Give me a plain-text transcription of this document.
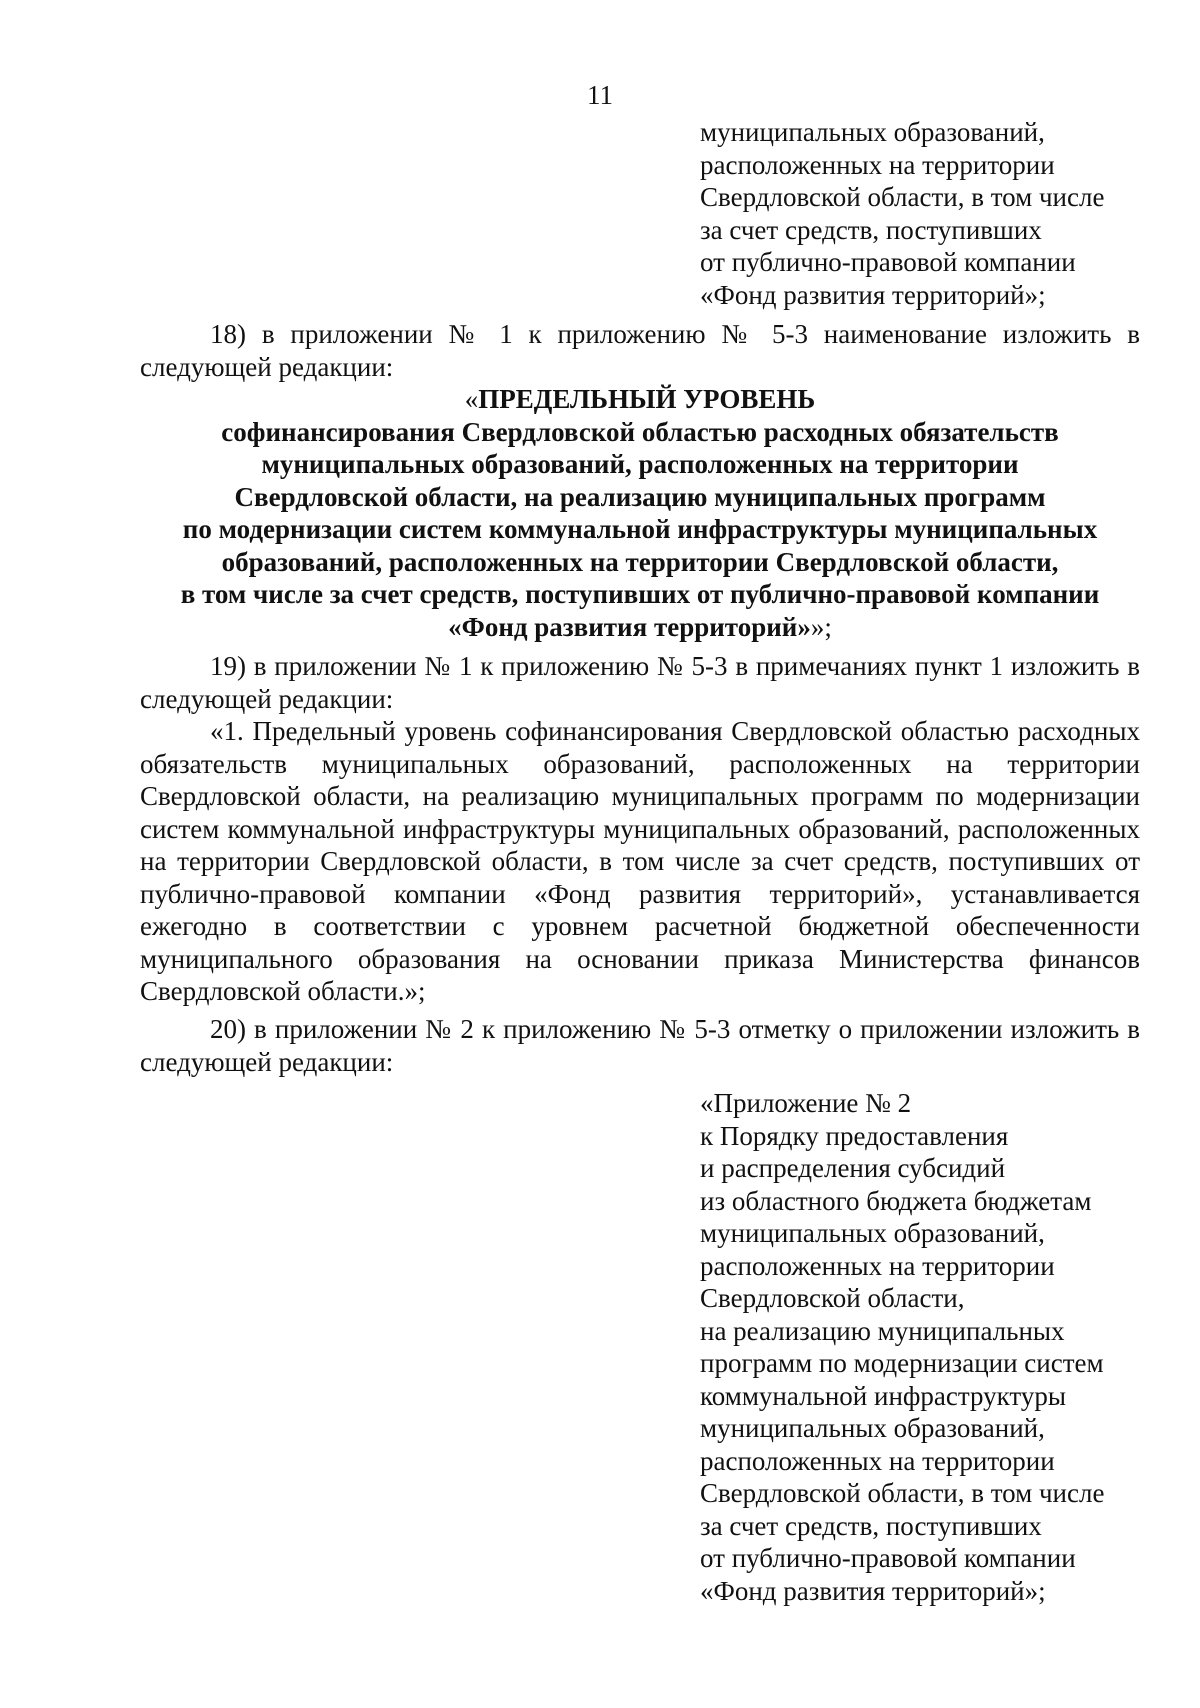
11
муниципальных образований,
расположенных на территории
Свердловской области, в том числе
за счет средств, поступивших
от публично-правовой компании
«Фонд развития территорий»;
18) в приложении № 1 к приложению № 5-3 наименование изложить в следующей редакции:
«ПРЕДЕЛЬНЫЙ УРОВЕНЬ
софинансирования Свердловской областью расходных обязательств
муниципальных образований, расположенных на территории
Свердловской области, на реализацию муниципальных программ
по модернизации систем коммунальной инфраструктуры муниципальных
образований, расположенных на территории Свердловской области,
в том числе за счет средств, поступивших от публично-правовой компании
«Фонд развития территорий»»;
19) в приложении № 1 к приложению № 5-3 в примечаниях пункт 1 изложить в следующей редакции:
«1. Предельный уровень софинансирования Свердловской областью расходных обязательств муниципальных образований, расположенных на территории Свердловской области, на реализацию муниципальных программ по модернизации систем коммунальной инфраструктуры муниципальных образований, расположенных на территории Свердловской области, в том числе за счет средств, поступивших от публично-правовой компании «Фонд развития территорий», устанавливается ежегодно в соответствии с уровнем расчетной бюджетной обеспеченности муниципального образования на основании приказа Министерства финансов Свердловской области.»;
20) в приложении № 2 к приложению № 5-3 отметку о приложении изложить в следующей редакции:
«Приложение № 2
к Порядку предоставления
и распределения субсидий
из областного бюджета бюджетам
муниципальных образований,
расположенных на территории
Свердловской области,
на реализацию муниципальных
программ по модернизации систем
коммунальной инфраструктуры
муниципальных образований,
расположенных на территории
Свердловской области, в том числе
за счет средств, поступивших
от публично-правовой компании
«Фонд развития территорий»;
